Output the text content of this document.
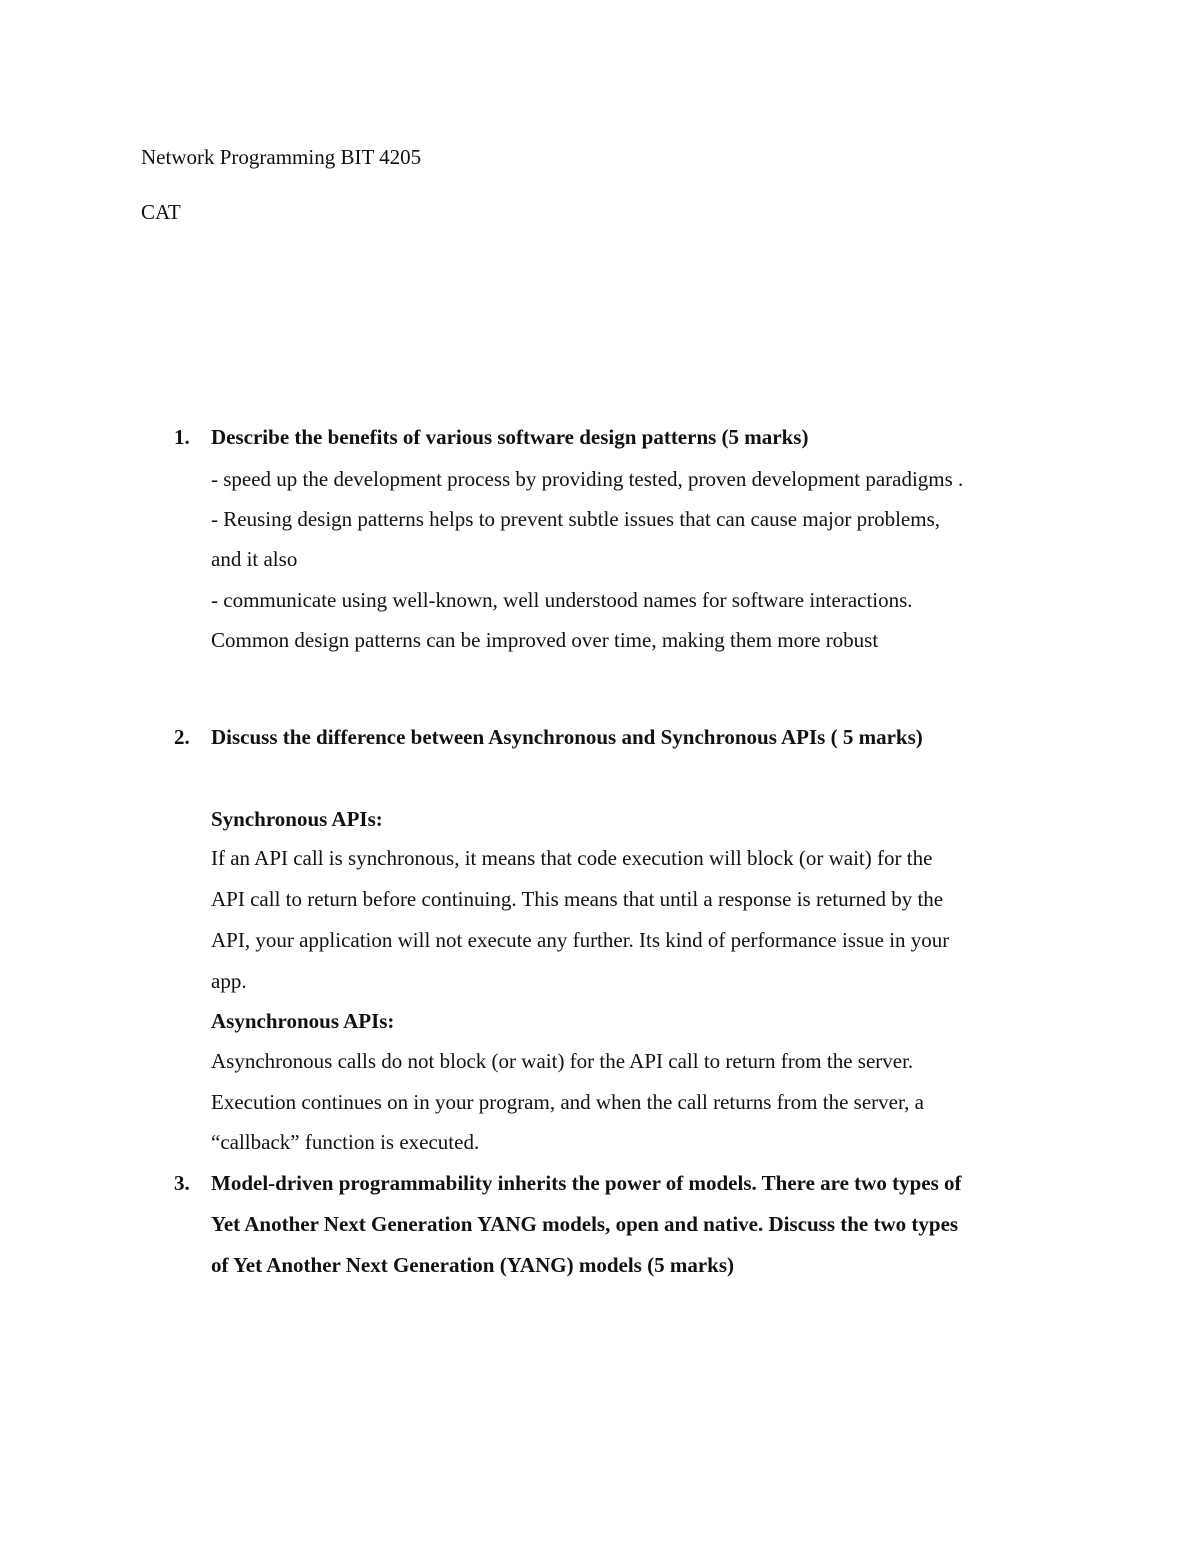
Network Programming BIT 4205
CAT
1. Describe the benefits of various software design patterns (5 marks)
- speed up the development process by providing tested, proven development paradigms .
- Reusing design patterns helps to prevent subtle issues that can cause major problems,
and it also
- communicate using well-known, well understood names for software interactions.
Common design patterns can be improved over time, making them more robust
2. Discuss the difference between Asynchronous and Synchronous APIs ( 5 marks)
Synchronous APIs:
If an API call is synchronous, it means that code execution will block (or wait) for the
API call to return before continuing. This means that until a response is returned by the
API, your application will not execute any further. Its kind of performance issue in your
app.
Asynchronous APIs:
Asynchronous calls do not block (or wait) for the API call to return from the server.
Execution continues on in your program, and when the call returns from the server, a
“callback” function is executed.
3. Model-driven programmability inherits the power of models. There are two types of
Yet Another Next Generation YANG models, open and native. Discuss the two types
of Yet Another Next Generation (YANG) models (5 marks)
